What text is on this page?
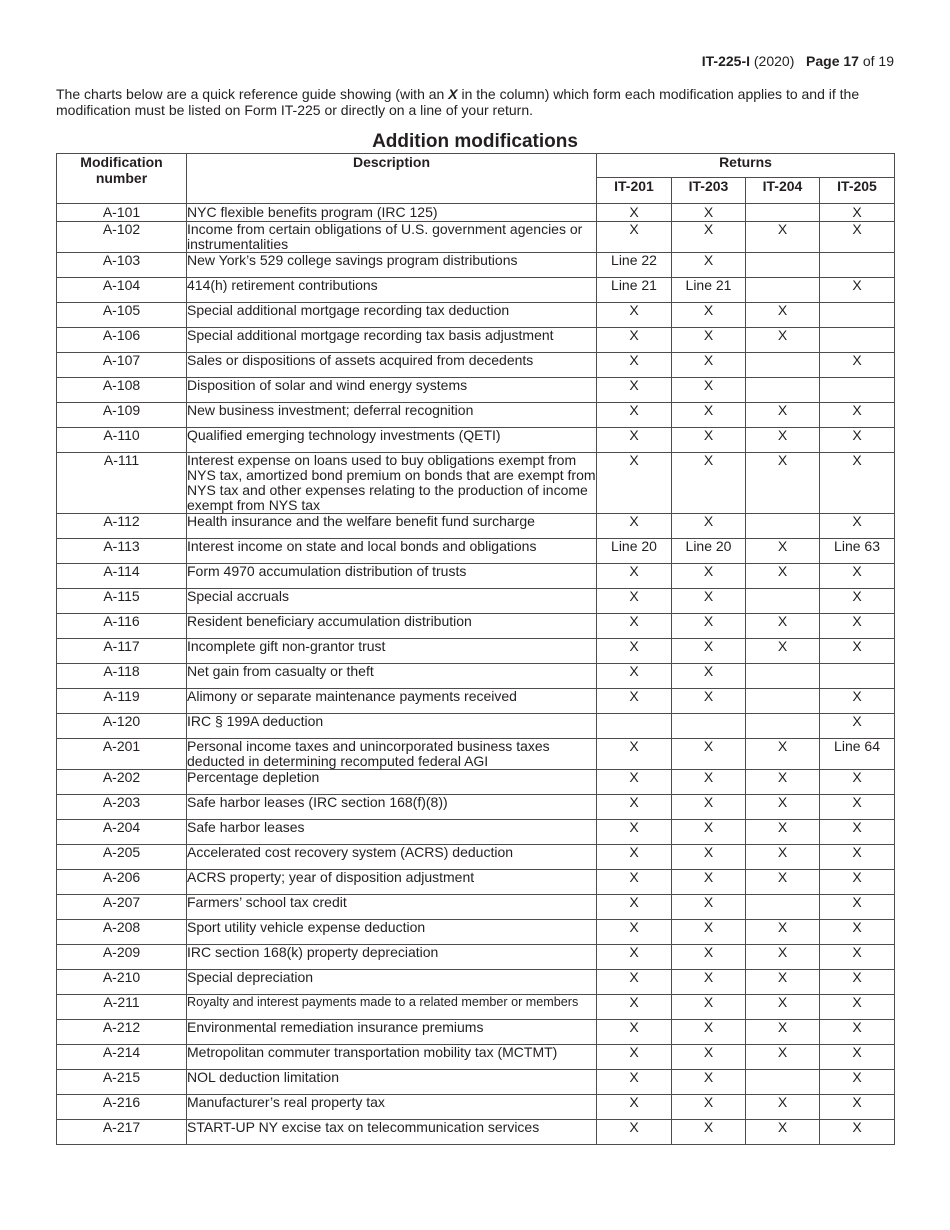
IT-225-I (2020) Page 17 of 19
The charts below are a quick reference guide showing (with an X in the column) which form each modification applies to and if the modification must be listed on Form IT-225 or directly on a line of your return.
Addition modifications
Modification number	Description	Returns			
		IT-201	IT-203	IT-204	IT-205
A-101	NYC flexible benefits program (IRC 125)	X	X		X
A-102	Income from certain obligations of U.S. government agencies or instrumentalities	X	X	X	X
A-103	New York’s 529 college savings program distributions	Line 22	X		
A-104	414(h) retirement contributions	Line 21	Line 21		X
A-105	Special additional mortgage recording tax deduction	X	X	X	
A-106	Special additional mortgage recording tax basis adjustment	X	X	X	
A-107	Sales or dispositions of assets acquired from decedents	X	X		X
A-108	Disposition of solar and wind energy systems	X	X		
A-109	New business investment; deferral recognition	X	X	X	X
A-110	Qualified emerging technology investments (QETI)	X	X	X	X
A-111	Interest expense on loans used to buy obligations exempt from NYS tax, amortized bond premium on bonds that are exempt from NYS tax and other expenses relating to the production of income exempt from NYS tax	X	X	X	X
A-112	Health insurance and the welfare benefit fund surcharge	X	X		X
A-113	Interest income on state and local bonds and obligations	Line 20	Line 20	X	Line 63
A-114	Form 4970 accumulation distribution of trusts	X	X	X	X
A-115	Special accruals	X	X		X
A-116	Resident beneficiary accumulation distribution	X	X	X	X
A-117	Incomplete gift non-grantor trust	X	X	X	X
A-118	Net gain from casualty or theft	X	X		
A-119	Alimony or separate maintenance payments received	X	X		X
A-120	IRC § 199A deduction				X
A-201	Personal income taxes and unincorporated business taxes deducted in determining recomputed federal AGI	X	X	X	Line 64
A-202	Percentage depletion	X	X	X	X
A-203	Safe harbor leases (IRC section 168(f)(8))	X	X	X	X
A-204	Safe harbor leases	X	X	X	X
A-205	Accelerated cost recovery system (ACRS) deduction	X	X	X	X
A-206	ACRS property; year of disposition adjustment	X	X	X	X
A-207	Farmers’ school tax credit	X	X		X
A-208	Sport utility vehicle expense deduction	X	X	X	X
A-209	IRC section 168(k) property depreciation	X	X	X	X
A-210	Special depreciation	X	X	X	X
A-211	Royalty and interest payments made to a related member or members	X	X	X	X
A-212	Environmental remediation insurance premiums	X	X	X	X
A-214	Metropolitan commuter transportation mobility tax (MCTMT)	X	X	X	X
A-215	NOL deduction limitation	X	X		X
A-216	Manufacturer’s real property tax	X	X	X	X
A-217	START-UP NY excise tax on telecommunication services	X	X	X	X
